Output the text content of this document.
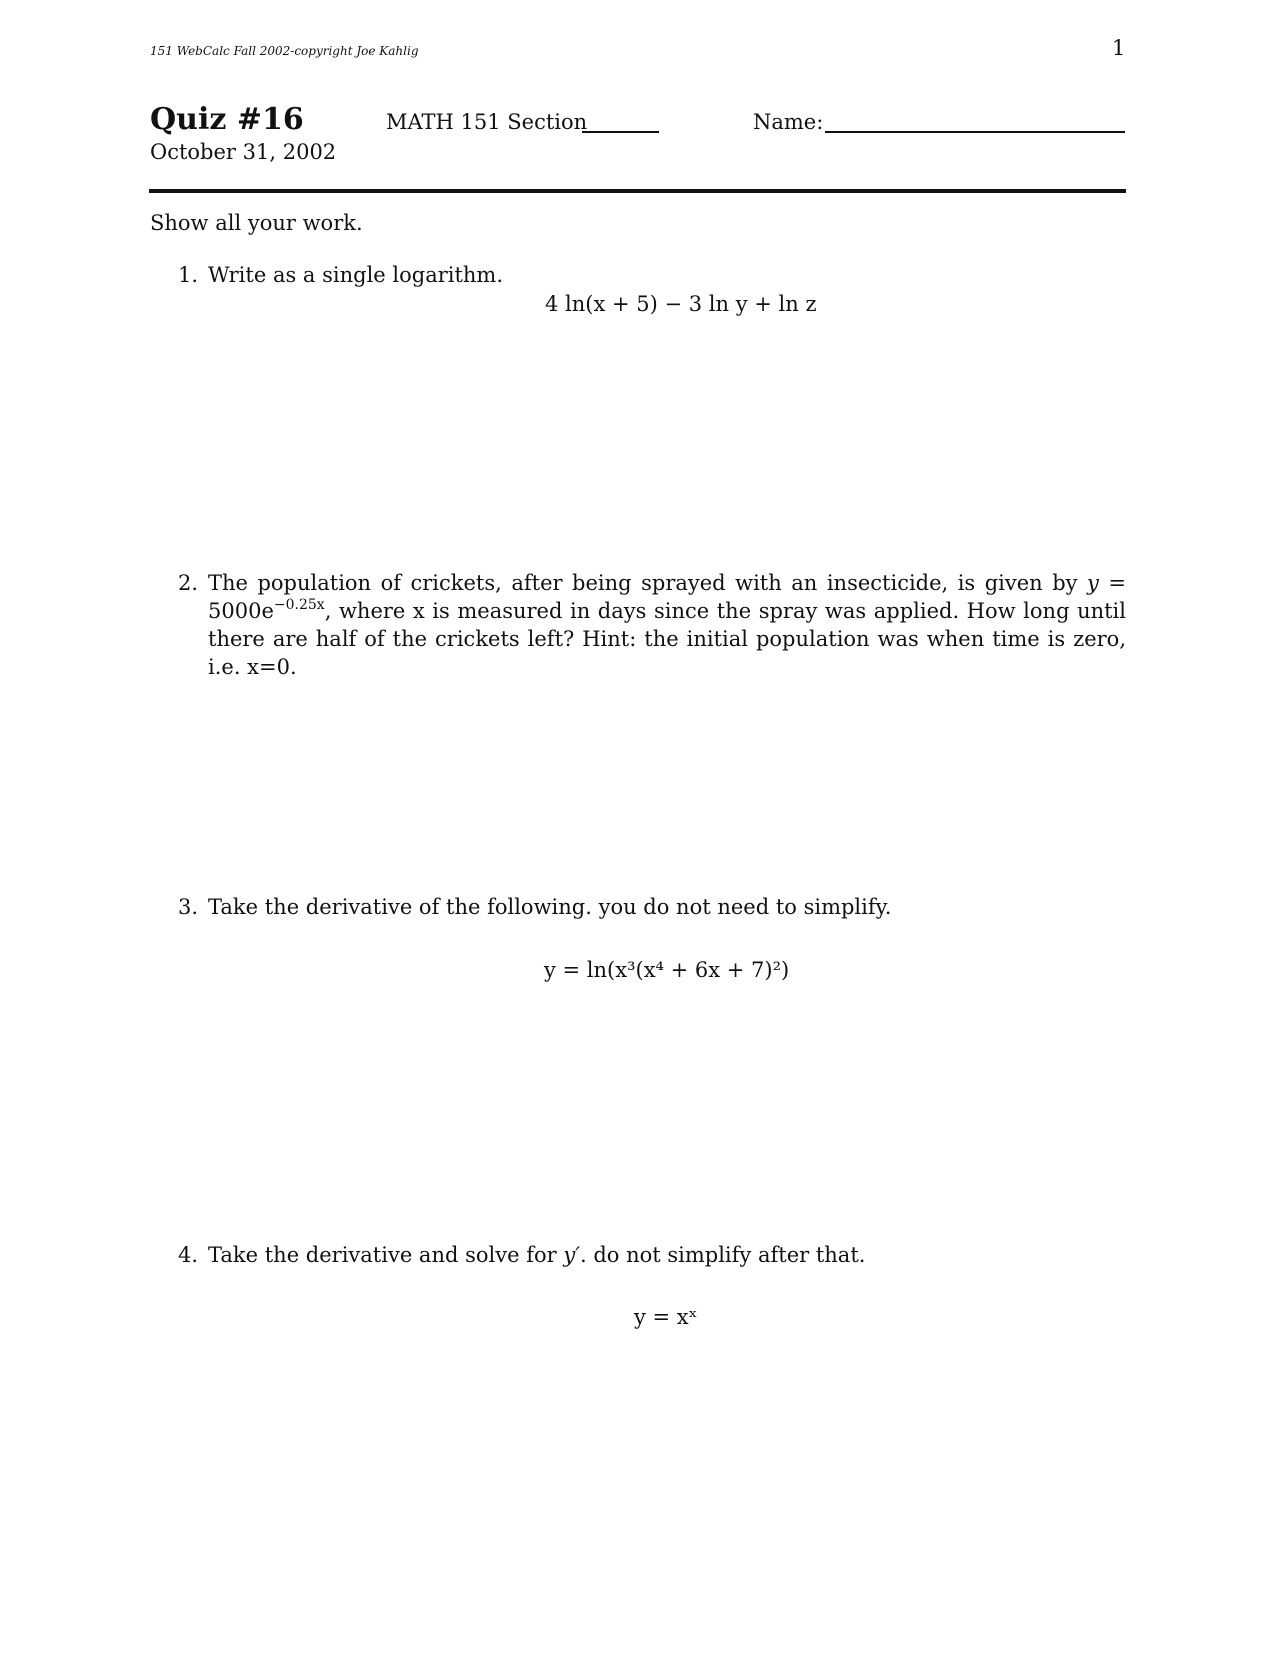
151 WebCalc Fall 2002-copyright Joe Kahlig	1
Quiz #16
October 31, 2002
MATH 151 Section	Name:
Show all your work.
1. Write as a single logarithm.
4 ln(x + 5) − 3 ln y + ln z
2. The population of crickets, after being sprayed with an insecticide, is given by $y = 5000e^{-0.25x}$, where x is measured in days since the spray was applied. How long until there are half of the crickets left? Hint: the initial population was when time is zero, i.e. x=0.
3. Take the derivative of the following. you do not need to simplify.
y = ln(x³(x⁴ + 6x + 7)²)
4. Take the derivative and solve for y′. do not simplify after that.
y = xˣ
